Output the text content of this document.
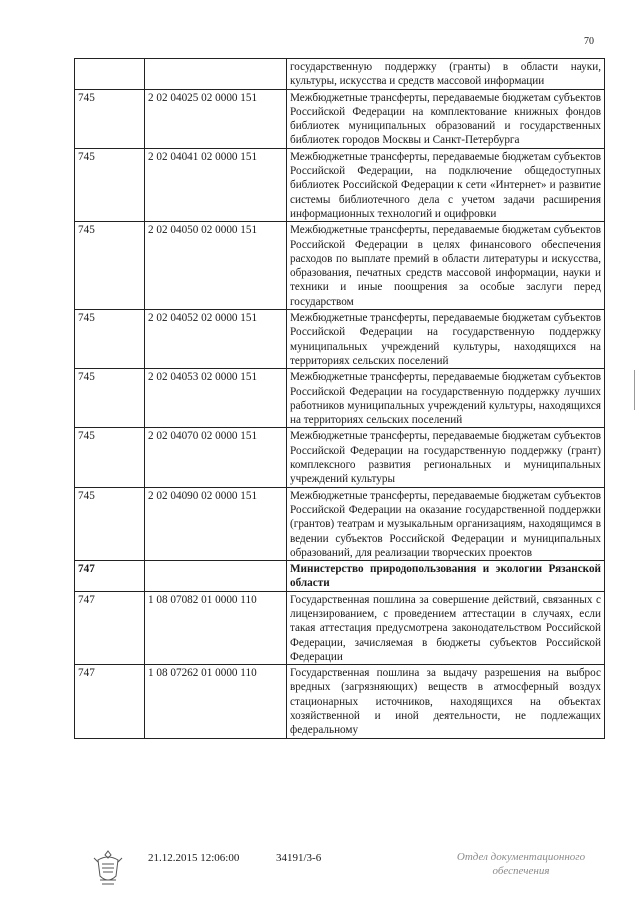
70
		государственную поддержку (гранты) в области науки, культуры, искусства и средств массовой информации
745	2 02 04025 02 0000 151	Межбюджетные трансферты, передаваемые бюджетам субъектов Российской Федерации на комплектование книжных фондов библиотек муниципальных образований и государственных библиотек городов Москвы и Санкт-Петербурга
745	2 02 04041 02 0000 151	Межбюджетные трансферты, передаваемые бюджетам субъектов Российской Федерации, на подключение общедоступных библиотек Российской Федерации к сети «Интернет» и развитие системы библиотечного дела с учетом задачи расширения информационных технологий и оцифровки
745	2 02 04050 02 0000 151	Межбюджетные трансферты, передаваемые бюджетам субъектов Российской Федерации в целях финансового обеспечения расходов по выплате премий в области литературы и искусства, образования, печатных средств массовой информации, науки и техники и иные поощрения за особые заслуги перед государством
745	2 02 04052 02 0000 151	Межбюджетные трансферты, передаваемые бюджетам субъектов Российской Федерации на государственную поддержку муниципальных учреждений культуры, находящихся на территориях сельских поселений
745	2 02 04053 02 0000 151	Межбюджетные трансферты, передаваемые бюджетам субъектов Российской Федерации на государственную поддержку лучших работников муниципальных учреждений культуры, находящихся на территориях сельских поселений
745	2 02 04070 02 0000 151	Межбюджетные трансферты, передаваемые бюджетам субъектов Российской Федерации на государственную поддержку (грант) комплексного развития региональных и муниципальных учреждений культуры
745	2 02 04090 02 0000 151	Межбюджетные трансферты, передаваемые бюджетам субъектов Российской Федерации на оказание государственной поддержки (грантов) театрам и музыкальным организациям, находящимся в ведении субъектов Российской Федерации и муниципальных образований, для реализации творческих проектов
747		Министерство природопользования и экологии Рязанской области
747	1 08 07082 01 0000 110	Государственная пошлина за совершение действий, связанных с лицензированием, с проведением аттестации в случаях, если такая аттестация предусмотрена законодательством Российской Федерации, зачисляемая в бюджеты субъектов Российской Федерации
747	1 08 07262 01 0000 110	Государственная пошлина за выдачу разрешения на выброс вредных (загрязняющих) веществ в атмосферный воздух стационарных источников, находящихся на объектах хозяйственной и иной деятельности, не подлежащих федеральному
21.12.2015 12:06:00	34191/3-6	Отдел документационного
обеспечения
